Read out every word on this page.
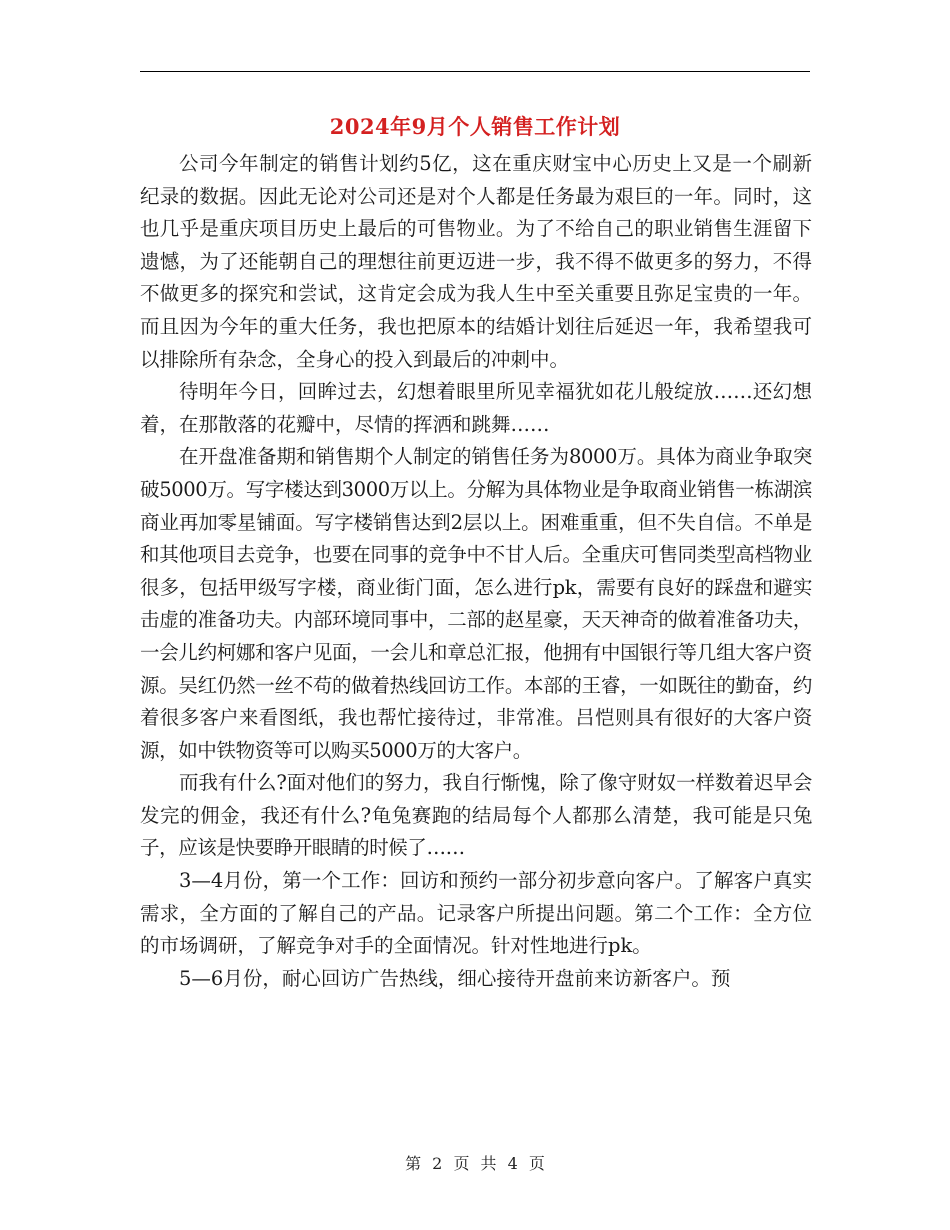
2024年9月个人销售工作计划

公司今年制定的销售计划约5亿，这在重庆财宝中心历史上又是一个刷新纪录的数据。因此无论对公司还是对个人都是任务最为艰巨的一年。同时，这也几乎是重庆项目历史上最后的可售物业。为了不给自己的职业销售生涯留下遗憾，为了还能朝自己的理想往前更迈进一步，我不得不做更多的努力，不得不做更多的探究和尝试，这肯定会成为我人生中至关重要且弥足宝贵的一年。而且因为今年的重大任务，我也把原本的结婚计划往后延迟一年，我希望我可以排除所有杂念，全身心的投入到最后的冲刺中。

待明年今日，回眸过去，幻想着眼里所见幸福犹如花儿般绽放……还幻想着，在那散落的花瓣中，尽情的挥洒和跳舞……

在开盘准备期和销售期个人制定的销售任务为8000万。具体为商业争取突破5000万。写字楼达到3000万以上。分解为具体物业是争取商业销售一栋湖滨商业再加零星铺面。写字楼销售达到2层以上。困难重重，但不失自信。不单是和其他项目去竞争，也要在同事的竞争中不甘人后。全重庆可售同类型高档物业很多，包括甲级写字楼，商业街门面，怎么进行pk，需要有良好的踩盘和避实击虚的准备功夫。内部环境同事中，二部的赵星豪，天天神奇的做着准备功夫，一会儿约柯娜和客户见面，一会儿和章总汇报，他拥有中国银行等几组大客户资源。吴红仍然一丝不苟的做着热线回访工作。本部的王睿，一如既往的勤奋，约着很多客户来看图纸，我也帮忙接待过，非常准。吕恺则具有很好的大客户资源，如中铁物资等可以购买5000万的大客户。

而我有什么?面对他们的努力，我自行惭愧，除了像守财奴一样数着迟早会发完的佣金，我还有什么?龟兔赛跑的结局每个人都那么清楚，我可能是只兔子，应该是快要睁开眼睛的时候了……

3—4月份，第一个工作：回访和预约一部分初步意向客户。了解客户真实需求，全方面的了解自己的产品。记录客户所提出问题。第二个工作：全方位的市场调研，了解竞争对手的全面情况。针对性地进行pk。

5—6月份，耐心回访广告热线，细心接待开盘前来访新客户。预

第 2 页 共 4 页
